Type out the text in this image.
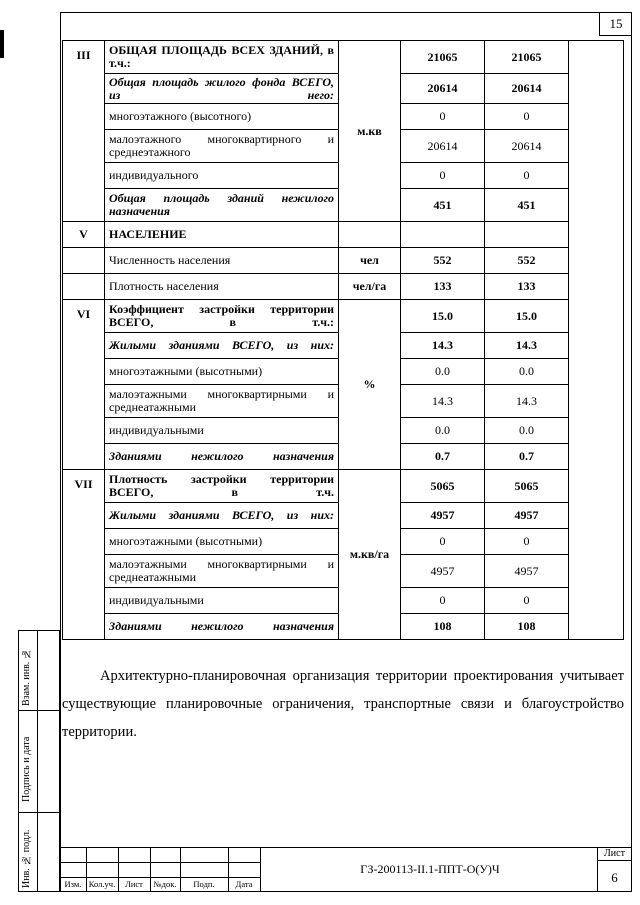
15
III	ОБЩАЯ ПЛОЩАДЬ ВСЕХ ЗДАНИЙ, в т.ч.:	м.кв	21065	21065

	Общая площадь жилого фонда ВСЕГО, из него:		20614	20614

	многоэтажного (высотного)		0	0

	малоэтажного многоквартирного и среднеэтажного		20614	20614

	индивидуального		0	0

	Общая площадь зданий нежилого назначения		451	451
V	НАСЕЛЕНИЕ			

	Численность населения	чел	552	552

	Плотность населения	чел/га	133	133
VI	Коэффициент застройки территории ВСЕГО, в т.ч.:	%	15.0	15.0

	Жилыми зданиями ВСЕГО, из них:		14.3	14.3

	многоэтажными (высотными)		0.0	0.0

	малоэтажными многоквартирными и среднеатажными		14.3	14.3

	индивидуальными		0.0	0.0

	Зданиями нежилого назначения		0.7	0.7
VII	Плотность застройки территории ВСЕГО, в т.ч.	м.кв/га	5065	5065

	Жилыми зданиями ВСЕГО, из них:		4957	4957

	многоэтажными (высотными)		0	0

	малоэтажными многоквартирными и среднеатажными		4957	4957

	индивидуальными		0	0

	Зданиями нежилого назначения		108	108
Архитектурно-планировочная организация территории проектирования учитывает существующие планировочные ограничения, транспортные связи и благоустройство территории.
Взам. инв. №
Подпись и дата
Инв. № подл.	Изм. Кол.уч.	Лист	№док.	Подп.	Дата
ГЗ-200113-II.1-ППТ-О(У)Ч
Лист
6
